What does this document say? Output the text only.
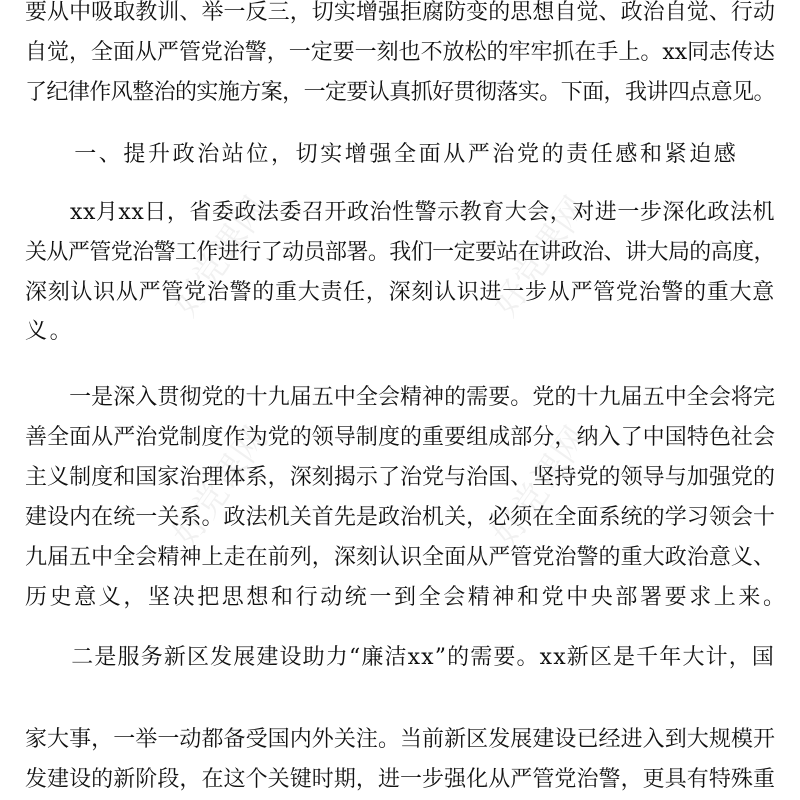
好党课网	好党课网
好党课网	好党课网
要从中吸取教训、举一反三，切实增强拒腐防变的思想自觉、政治自觉、行动
自觉，全面从严管党治警，一定要一刻也不放松的牢牢抓在手上。xx同志传达
了纪律作风整治的实施方案，一定要认真抓好贯彻落实。下面，我讲四点意见。
　　一、提升政治站位，切实增强全面从严治党的责任感和紧迫感
　　xx月xx日，省委政法委召开政治性警示教育大会，对进一步深化政法机
关从严管党治警工作进行了动员部署。我们一定要站在讲政治、讲大局的高度，
深刻认识从严管党治警的重大责任，深刻认识进一步从严管党治警的重大意
义。
　　一是深入贯彻党的十九届五中全会精神的需要。党的十九届五中全会将完
善全面从严治党制度作为党的领导制度的重要组成部分，纳入了中国特色社会
主义制度和国家治理体系，深刻揭示了治党与治国、坚持党的领导与加强党的
建设内在统一关系。政法机关首先是政治机关，必须在全面系统的学习领会十
九届五中全会精神上走在前列，深刻认识全面从严管党治警的重大政治意义、
历史意义，坚决把思想和行动统一到全会精神和党中央部署要求上来。
　　二是服务新区发展建设助力“廉洁xx”的需要。xx新区是千年大计，国
家大事，一举一动都备受国内外关注。当前新区发展建设已经进入到大规模开
发建设的新阶段，在这个关键时期，进一步强化从严管党治警，更具有特殊重
